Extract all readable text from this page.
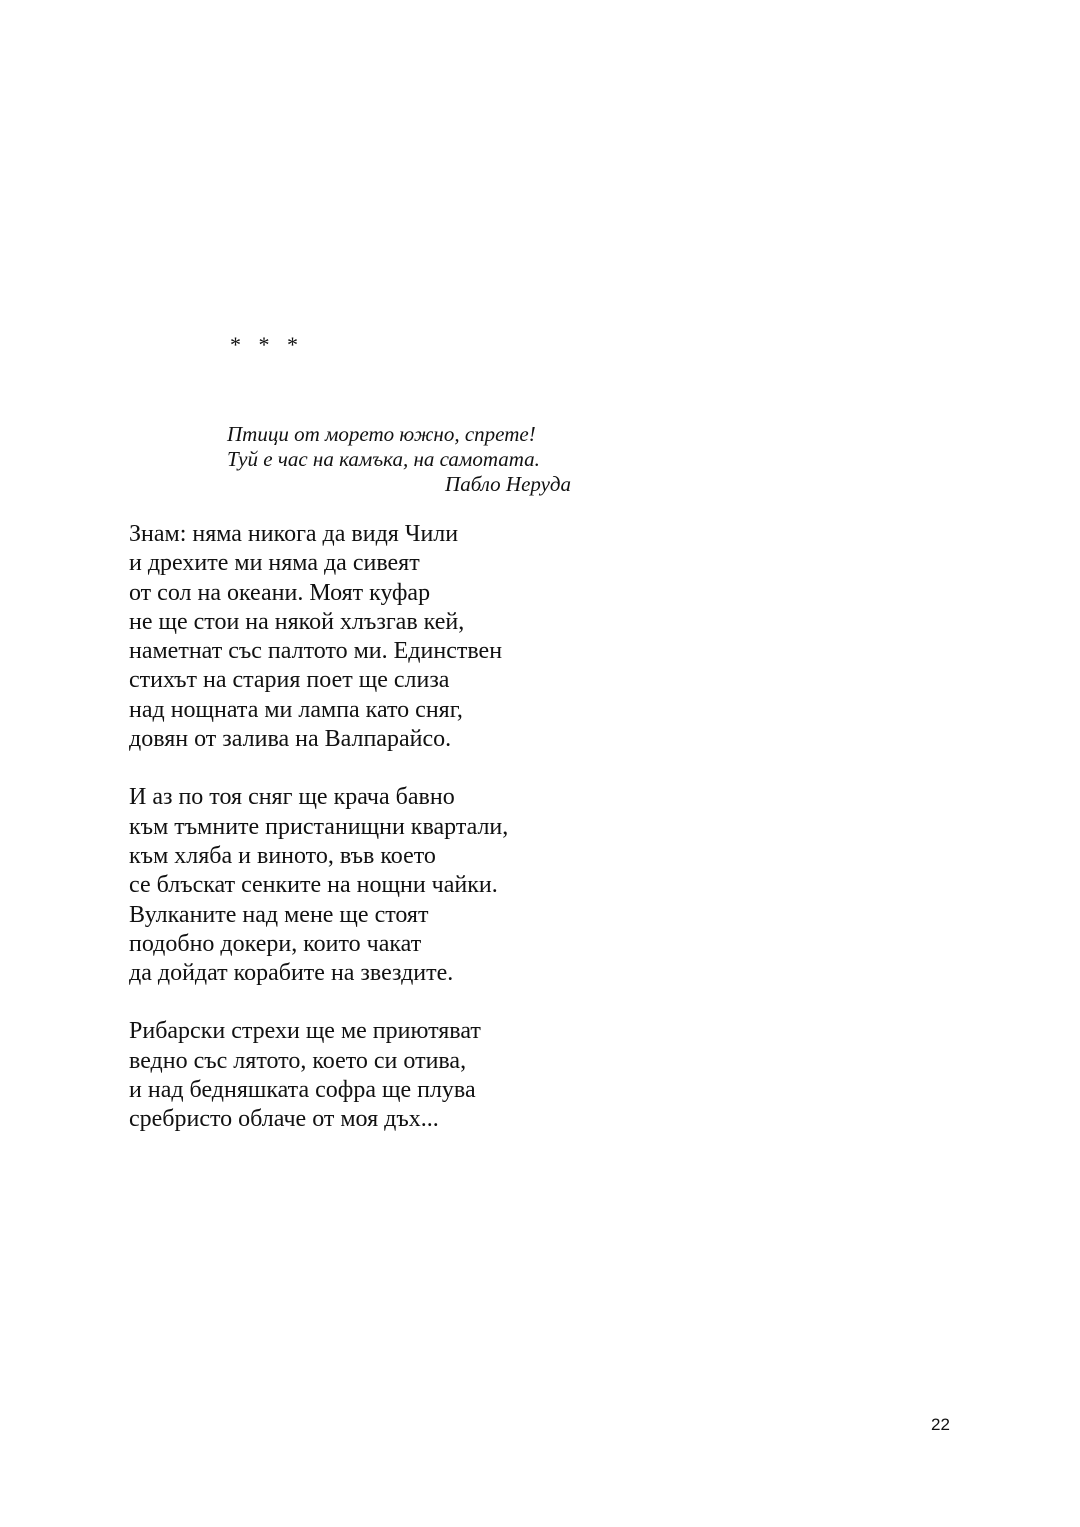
* * *
Птици от морето южно, спрете!
Туй е час на камъка, на самотата.
Пабло Неруда
Знам: няма никога да видя Чили
и дрехите ми няма да сивеят
от сол на океани. Моят куфар
не ще стои на някой хлъзгав кей,
наметнат със палтото ми. Единствен
стихът на стария поет ще слиза
над нощната ми лампа като сняг,
довян от залива на Валпарайсо.
И аз по тоя сняг ще крача бавно
към тъмните пристанищни квартали,
към хляба и виното, във което
се блъскат сенките на нощни чайки.
Вулканите над мене ще стоят
подобно докери, които чакат
да дойдат корабите на звездите.
Рибарски стрехи ще ме приютяват
ведно със лятото, което си отива,
и над бедняшката софра ще плува
сребристо облаче от моя дъх...
22
